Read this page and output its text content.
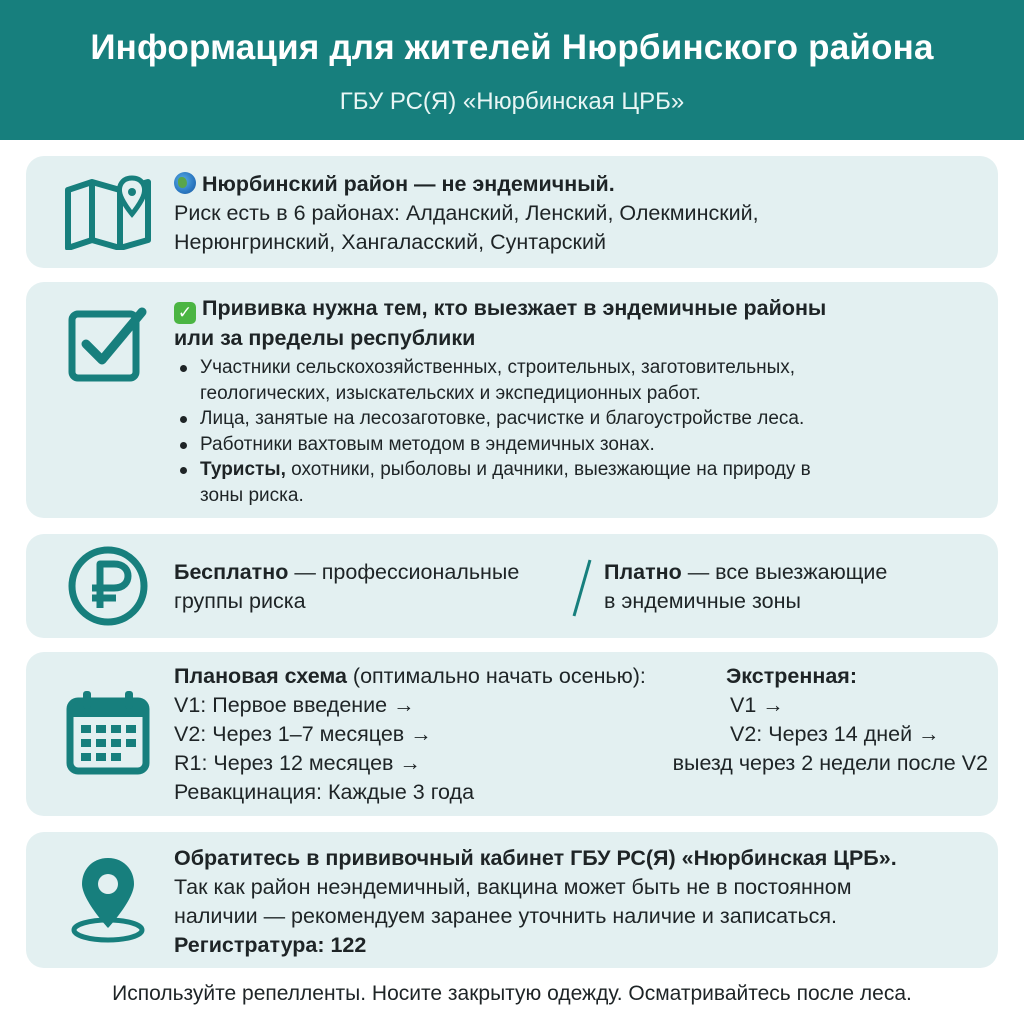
Информация для жителей Нюрбинского района
ГБУ РС(Я) «Нюрбинская ЦРБ»
Нюрбинский район — не эндемичный.
Риск есть в 6 районах: Алданский, Ленский, Олекминский,
Нерюнгринский, Хангаласский, Сунтарский
✓ Прививка нужна тем, кто выезжает в эндемичные районы
или за пределы республики
Участники сельскохозяйственных, строительных, заготовительных,
геологических, изыскательских и экспедиционных работ.
Лица, занятые на лесозаготовке, расчистке и благоустройстве леса.
Работники вахтовым методом в эндемичных зонах.
Туристы, охотники, рыболовы и дачники, выезжающие на природу в
зоны риска.
Бесплатно — профессиональные
группы риска
Платно — все выезжающие
в эндемичные зоны
Плановая схема (оптимально начать осенью):
V1: Первое введение →
V2: Через 1–7 месяцев →
R1: Через 12 месяцев →
Ревакцинация: Каждые 3 года
Экстренная:
V1 →
V2: Через 14 дней →
выезд через 2 недели после V2
Обратитесь в прививочный кабинет ГБУ РС(Я) «Нюрбинская ЦРБ».
Так как район неэндемичный, вакцина может быть не в постоянном
наличии — рекомендуем заранее уточнить наличие и записаться.
Регистратура: 122
Используйте репелленты. Носите закрытую одежду. Осматривайтесь после леса.
